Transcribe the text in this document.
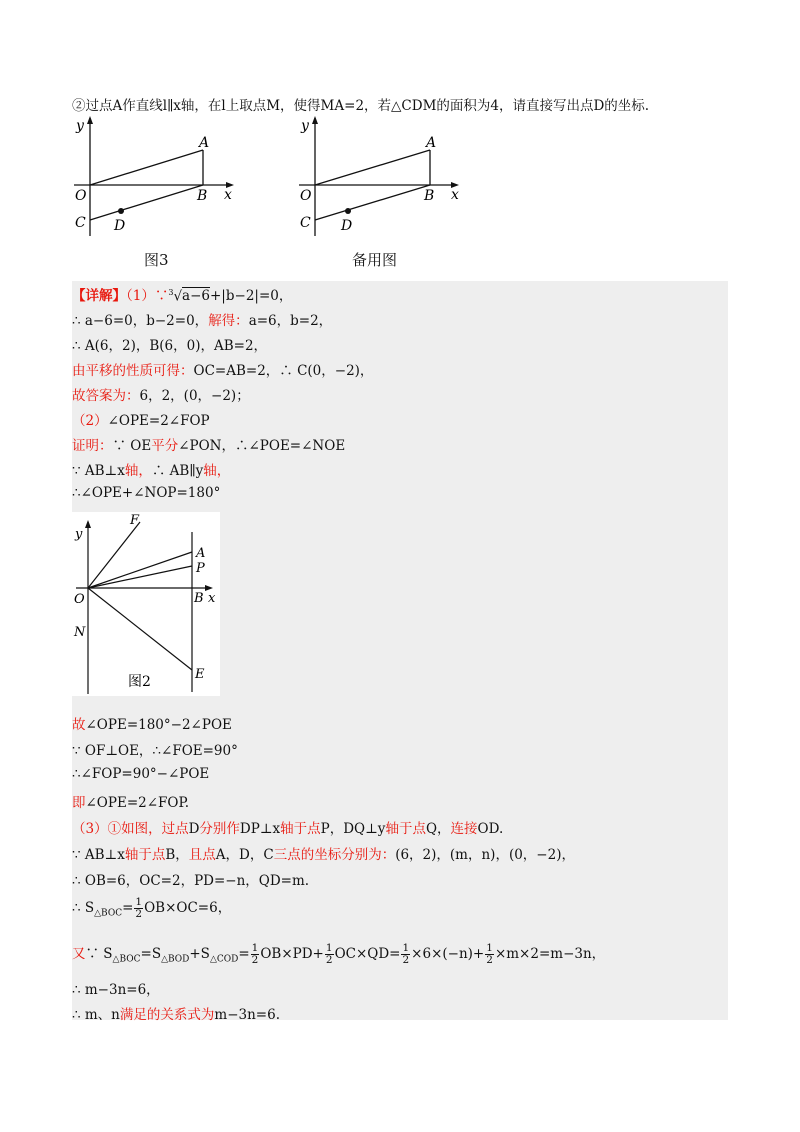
②过点A作直线l∥x轴，在l上取点M，使得MA=2，若△CDM的面积为4，请直接写出点D的坐标.
y
x
O
A
B
C D
图3
y
x
O
A
B
C D
备用图
【详解】（1）∵$^3$√a−6+|b−2|=0，
∴ a−6=0，b−2=0，解得：a=6，b=2，
∴ A(6，2)，B(6，0)，AB=2，
由平移的性质可得：OC=AB=2，∴ C(0，−2)，
故答案为：6，2，(0，−2)；
（2）∠OPE=2∠FOP
证明：∵ OE平分∠PON，∴∠POE=∠NOE
∵ AB⊥x轴，∴ AB∥y轴，
∴∠OPE+∠NOP=180°
y
x
O
F
A
P
B
N
E
图2
故∠OPE=180°−2∠POE
∵ OF⊥OE，∴∠FOE=90°
∴∠FOP=90°−∠POE
即∠OPE=2∠FOP.
（3）①如图，过点D分别作DP⊥x轴于点P，DQ⊥y轴于点Q，连接OD.
∵ AB⊥x轴于点B，且点A，D，C三点的坐标分别为：(6，2)，(m，n)，(0，−2)，
∴ OB=6，OC=2，PD=−n，QD=m.
∴ $S_{\triangle BOC}= \frac{1}{2} OB\times OC=6$，
又∵ $S_{\triangle BOC}=S_{\triangle BOD}+S_{\triangle COD}= \frac{1}{2} OB\times PD+ \frac{1}{2} OC\times QD= \frac{1}{2} \times 6\times(-n)+ \frac{1}{2} \times m\times 2=m-3n$，
∴ m−3n=6，
∴ m、n满足的关系式为m−3n=6.
